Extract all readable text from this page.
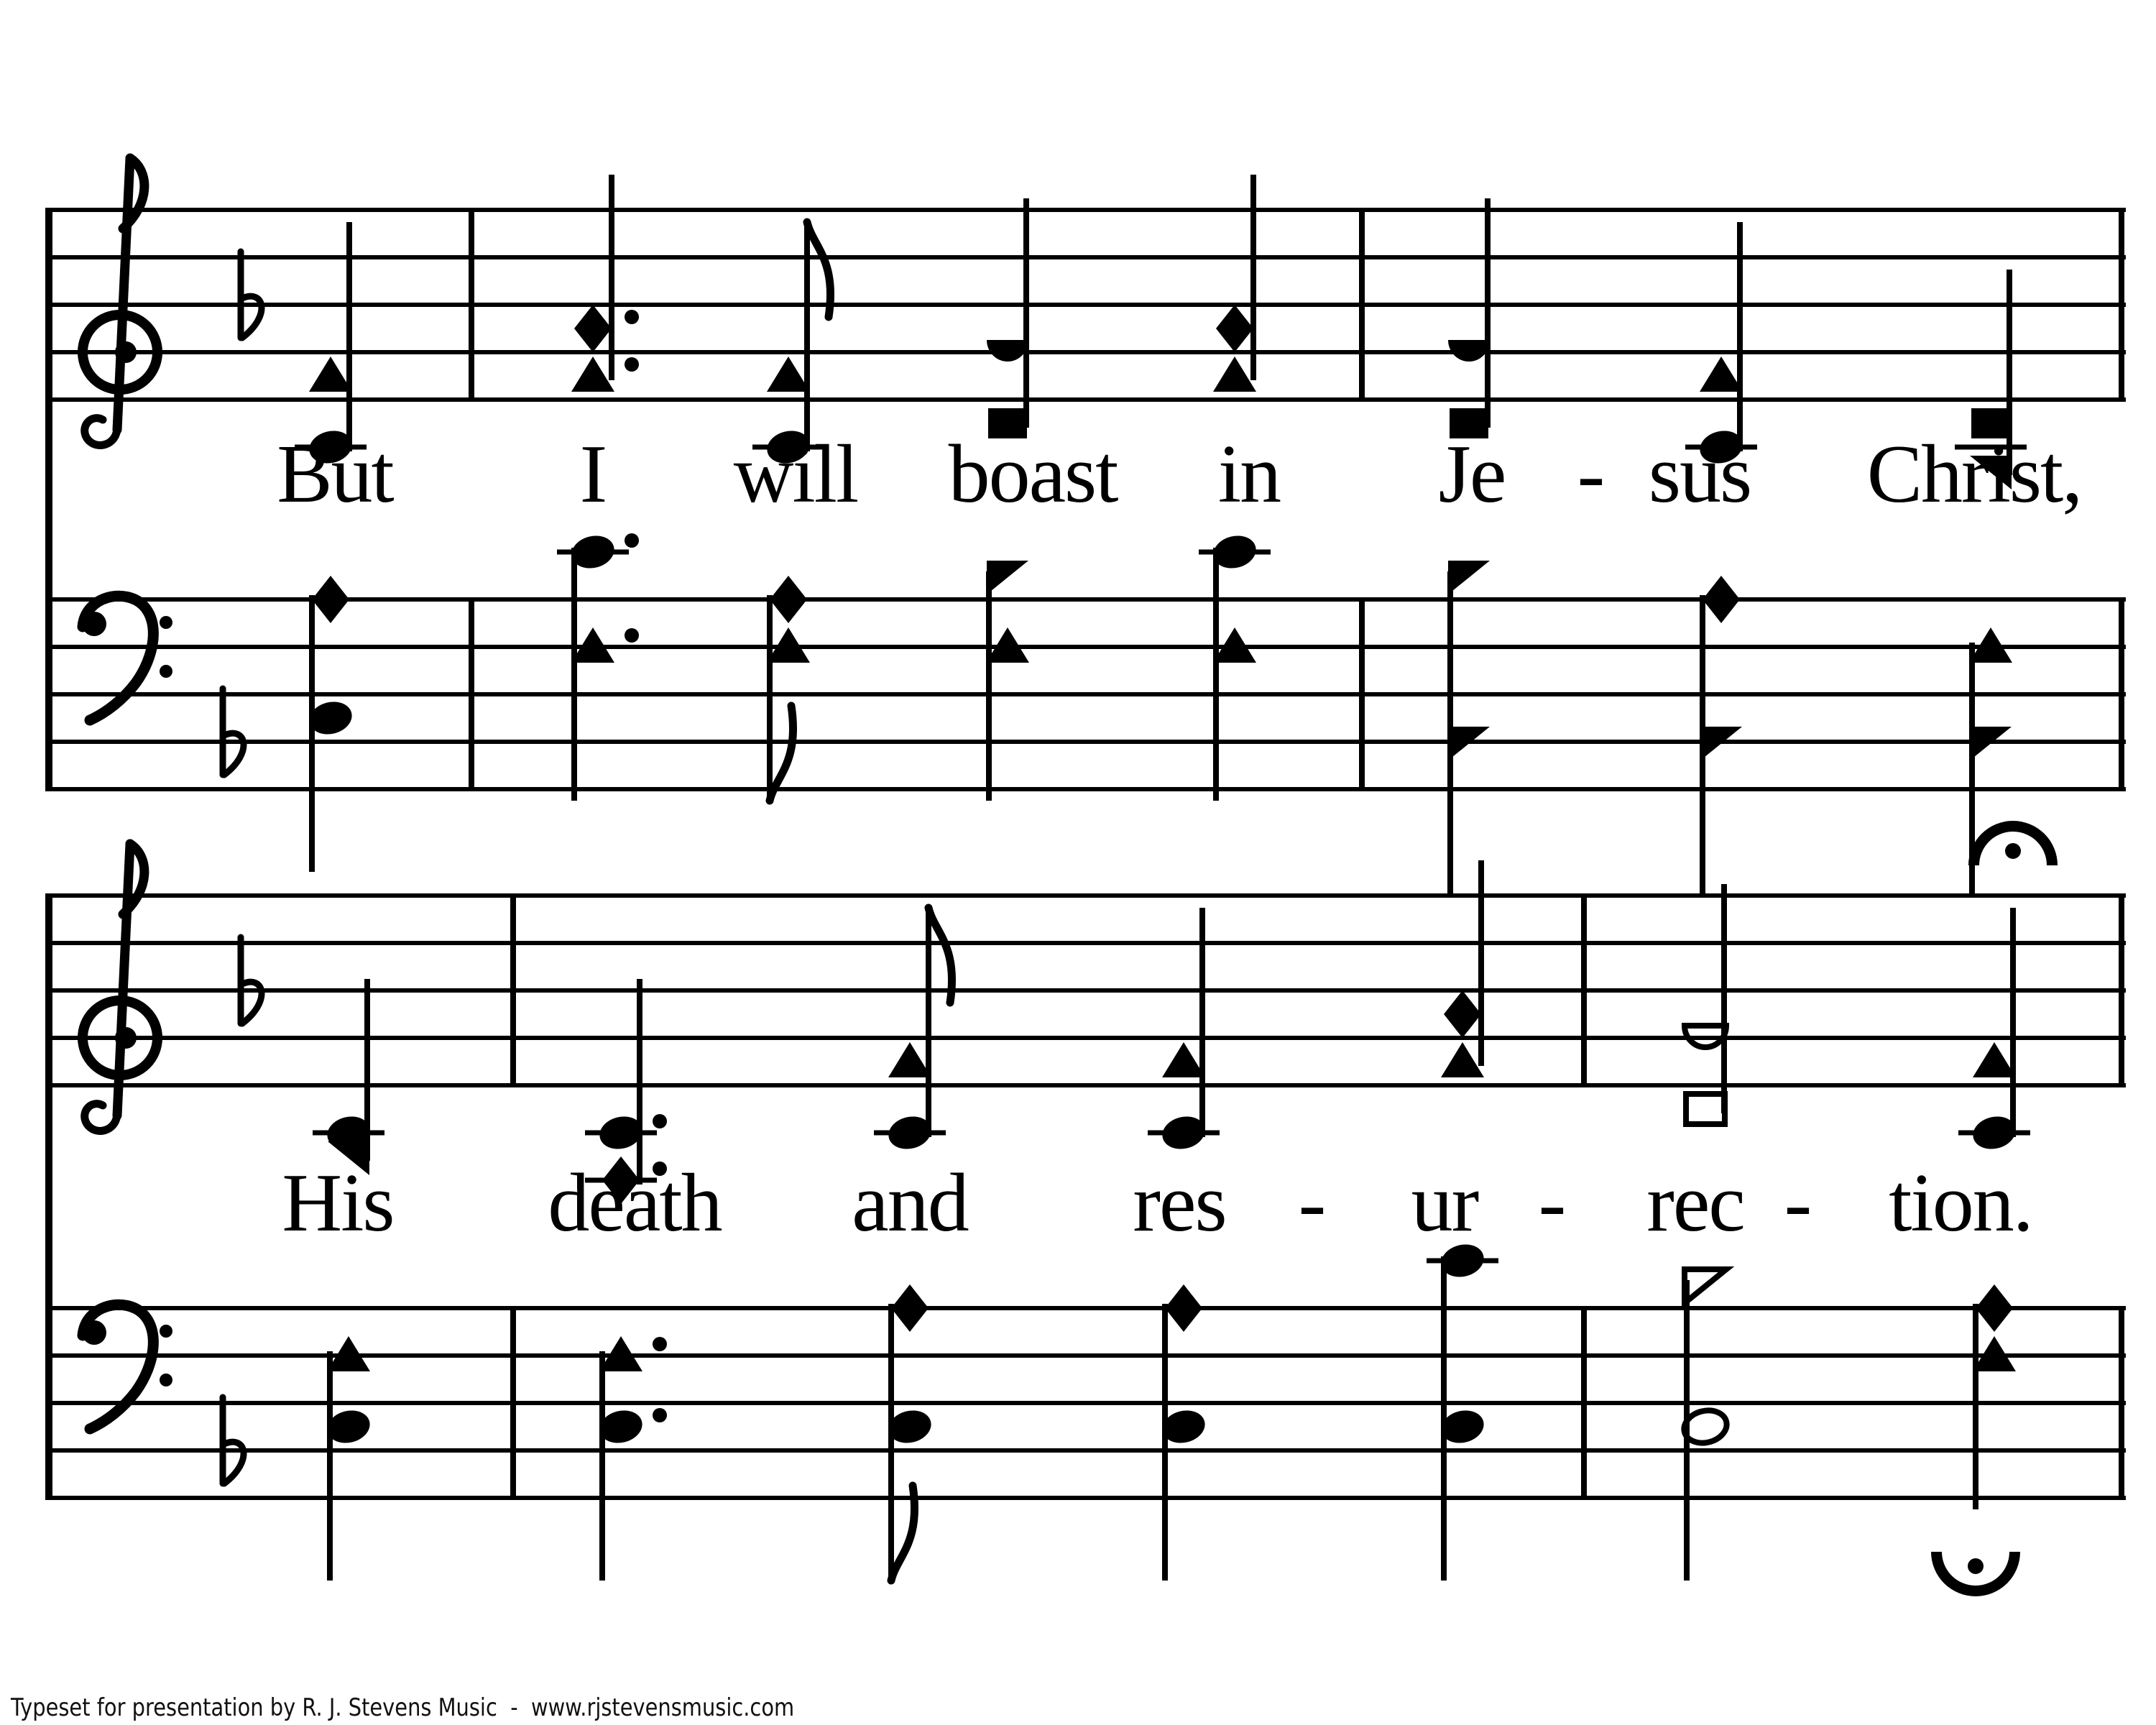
But I will boast in Je - sus Christ,
His death and res - ur - rec - tion.
Typeset for presentation by R. J. Stevens Music  -  www.rjstevensmusic.com
